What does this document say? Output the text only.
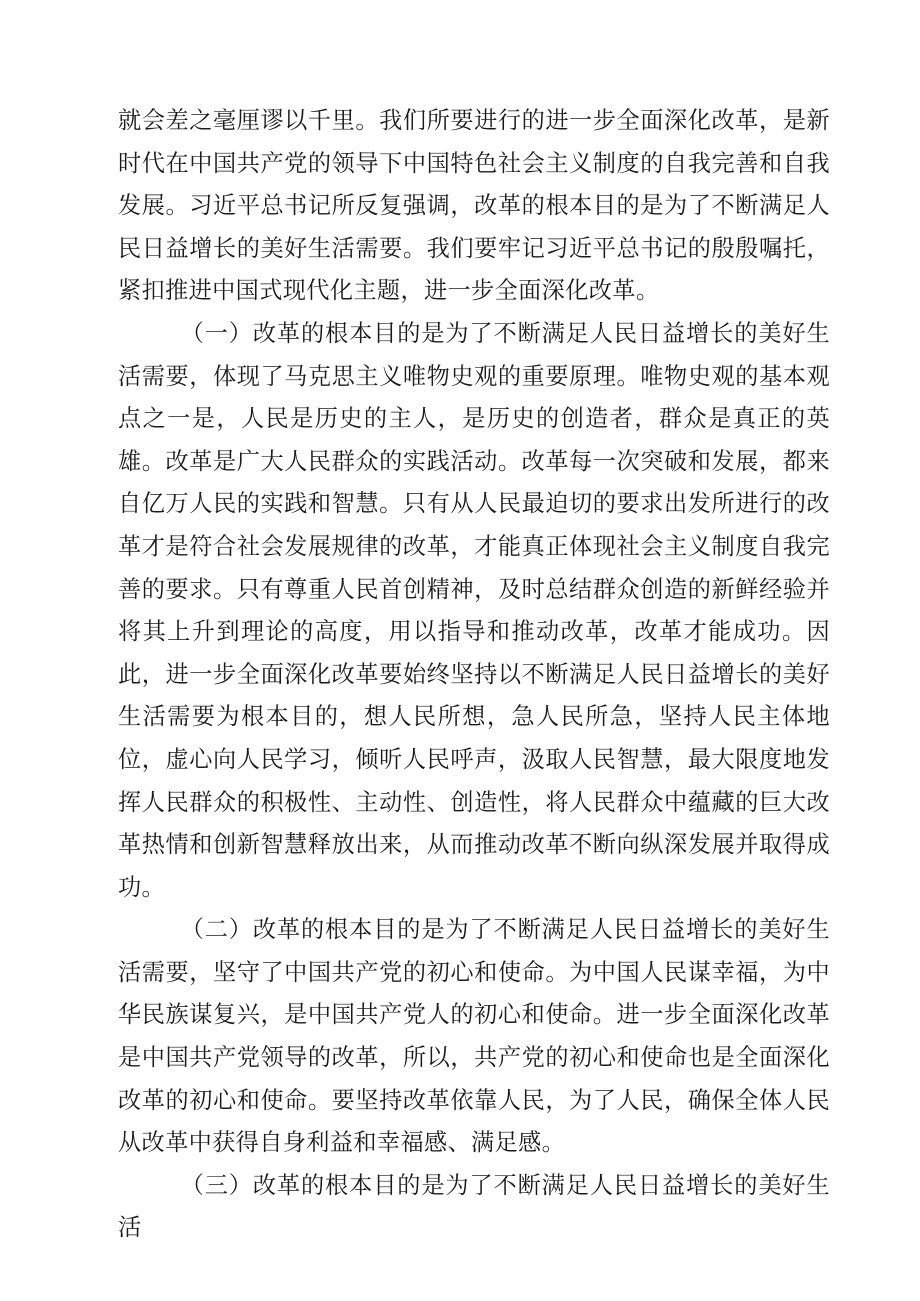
就会差之毫厘谬以千里。我们所要进行的进一步全面深化改革，是新时代在中国共产党的领导下中国特色社会主义制度的自我完善和自我发展。习近平总书记所反复强调，改革的根本目的是为了不断满足人民日益增长的美好生活需要。我们要牢记习近平总书记的殷殷嘱托，紧扣推进中国式现代化主题，进一步全面深化改革。

（一）改革的根本目的是为了不断满足人民日益增长的美好生活需要，体现了马克思主义唯物史观的重要原理。唯物史观的基本观点之一是，人民是历史的主人，是历史的创造者，群众是真正的英雄。改革是广大人民群众的实践活动。改革每一次突破和发展，都来自亿万人民的实践和智慧。只有从人民最迫切的要求出发所进行的改革才是符合社会发展规律的改革，才能真正体现社会主义制度自我完善的要求。只有尊重人民首创精神，及时总结群众创造的新鲜经验并将其上升到理论的高度，用以指导和推动改革，改革才能成功。因此，进一步全面深化改革要始终坚持以不断满足人民日益增长的美好生活需要为根本目的，想人民所想，急人民所急，坚持人民主体地位，虚心向人民学习，倾听人民呼声，汲取人民智慧，最大限度地发挥人民群众的积极性、主动性、创造性，将人民群众中蕴藏的巨大改革热情和创新智慧释放出来，从而推动改革不断向纵深发展并取得成功。

（二）改革的根本目的是为了不断满足人民日益增长的美好生活需要，坚守了中国共产党的初心和使命。为中国人民谋幸福，为中华民族谋复兴，是中国共产党人的初心和使命。进一步全面深化改革是中国共产党领导的改革，所以，共产党的初心和使命也是全面深化改革的初心和使命。要坚持改革依靠人民，为了人民，确保全体人民从改革中获得自身利益和幸福感、满足感。

（三）改革的根本目的是为了不断满足人民日益增长的美好生活
